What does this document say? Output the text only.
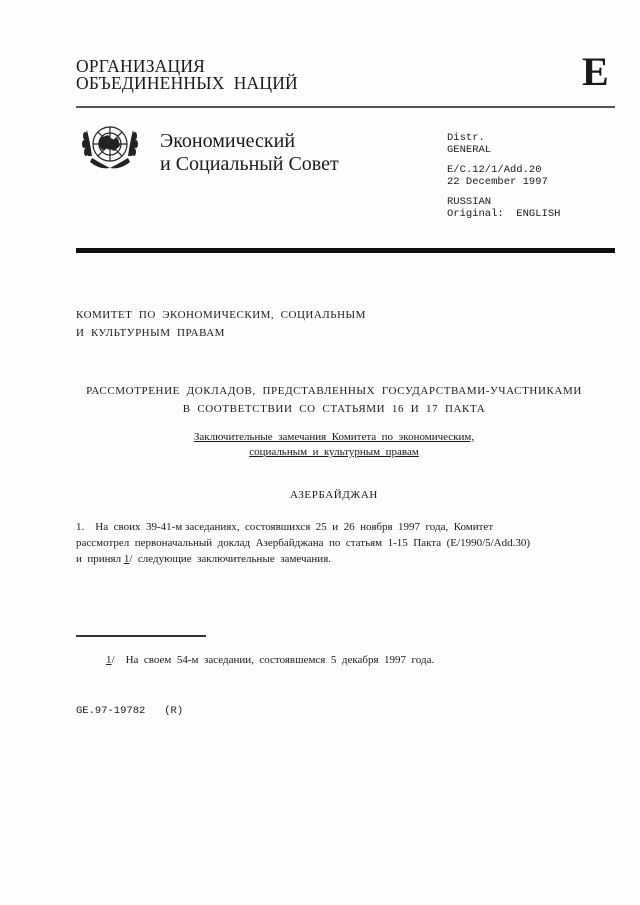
ОРГАНИЗАЦИЯ
ОБЪЕДИНЕННЫХ  НАЦИЙ	E
Экономический
и Социальный Совет
Distr.
GENERAL
E/C.12/1/Add.20
22 December 1997
RUSSIAN
Original:  ENGLISH
КОМИТЕТ  ПО  ЭКОНОМИЧЕСКИМ,  СОЦИАЛЬНЫМ
И  КУЛЬТУРНЫМ  ПРАВАМ
РАССМОТРЕНИЕ  ДОКЛАДОВ,  ПРЕДСТАВЛЕННЫХ  ГОСУДАРСТВАМИ-УЧАСТНИКАМИ
В  СООТВЕТСТВИИ  СО  СТАТЬЯМИ  16  И  17  ПАКТА
Заключительные  замечания  Комитета  по  экономическим,
социальным  и  культурным  правам
АЗЕРБАЙДЖАН
1.    На  своих  39-41-м заседаниях,  состоявшихся  25  и  26  ноября  1997  года,  Комитет
рассмотрел  первоначальный  доклад  Азербайджана  по  статьям  1-15  Пакта  (E/1990/5/Add.30)
и  принял 1/  следующие  заключительные  замечания.
1/    На  своем  54-м  заседании,  состоявшемся  5  декабря  1997  года.
GE.97-19782   (R)
